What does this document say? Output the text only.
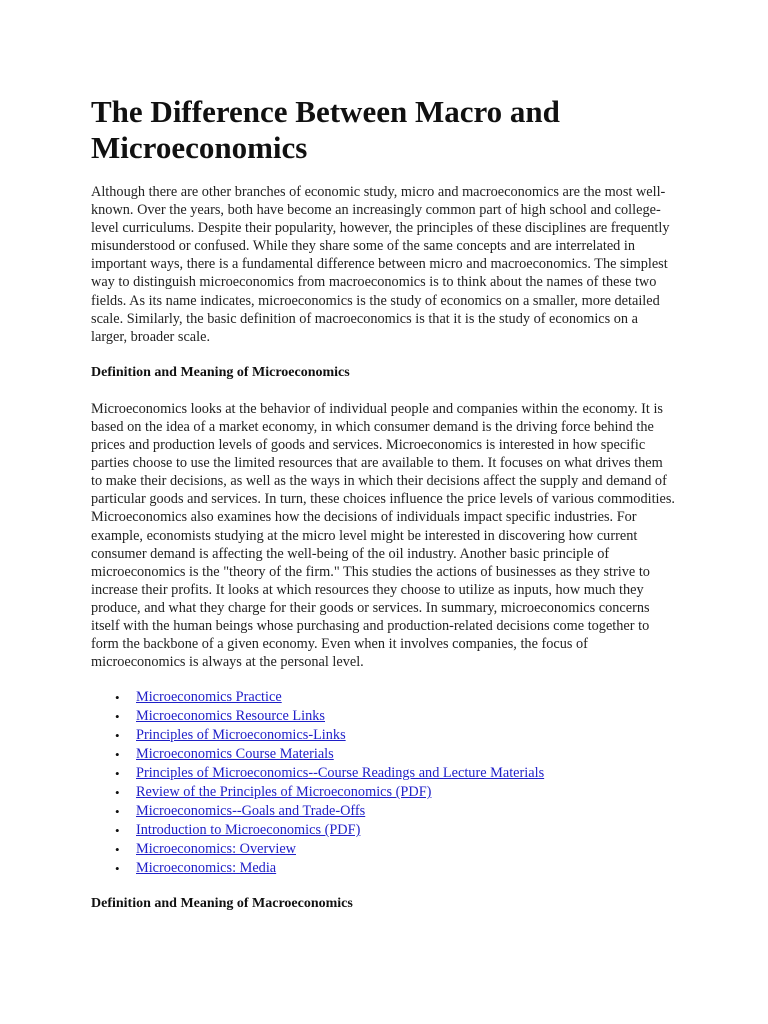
The Difference Between Macro and Microeconomics

Although there are other branches of economic study, micro and macroeconomics are the most well-known. Over the years, both have become an increasingly common part of high school and college-level curriculums. Despite their popularity, however, the principles of these disciplines are frequently misunderstood or confused. While they share some of the same concepts and are interrelated in important ways, there is a fundamental difference between micro and macroeconomics. The simplest way to distinguish microeconomics from macroeconomics is to think about the names of these two fields. As its name indicates, microeconomics is the study of economics on a smaller, more detailed scale. Similarly, the basic definition of macroeconomics is that it is the study of economics on a larger, broader scale.

Definition and Meaning of Microeconomics

Microeconomics looks at the behavior of individual people and companies within the economy. It is based on the idea of a market economy, in which consumer demand is the driving force behind the prices and production levels of goods and services. Microeconomics is interested in how specific parties choose to use the limited resources that are available to them. It focuses on what drives them to make their decisions, as well as the ways in which their decisions affect the supply and demand of particular goods and services. In turn, these choices influence the price levels of various commodities. Microeconomics also examines how the decisions of individuals impact specific industries. For example, economists studying at the micro level might be interested in discovering how current consumer demand is affecting the well-being of the oil industry. Another basic principle of microeconomics is the "theory of the firm." This studies the actions of businesses as they strive to increase their profits. It looks at which resources they choose to utilize as inputs, how much they produce, and what they charge for their goods or services. In summary, microeconomics concerns itself with the human beings whose purchasing and production-related decisions come together to form the backbone of a given economy. Even when it involves companies, the focus of microeconomics is always at the personal level.

• Microeconomics Practice
• Microeconomics Resource Links
• Principles of Microeconomics-Links
• Microeconomics Course Materials
• Principles of Microeconomics--Course Readings and Lecture Materials
• Review of the Principles of Microeconomics (PDF)
• Microeconomics--Goals and Trade-Offs
• Introduction to Microeconomics (PDF)
• Microeconomics: Overview
• Microeconomics: Media
Definition and Meaning of Macroeconomics
